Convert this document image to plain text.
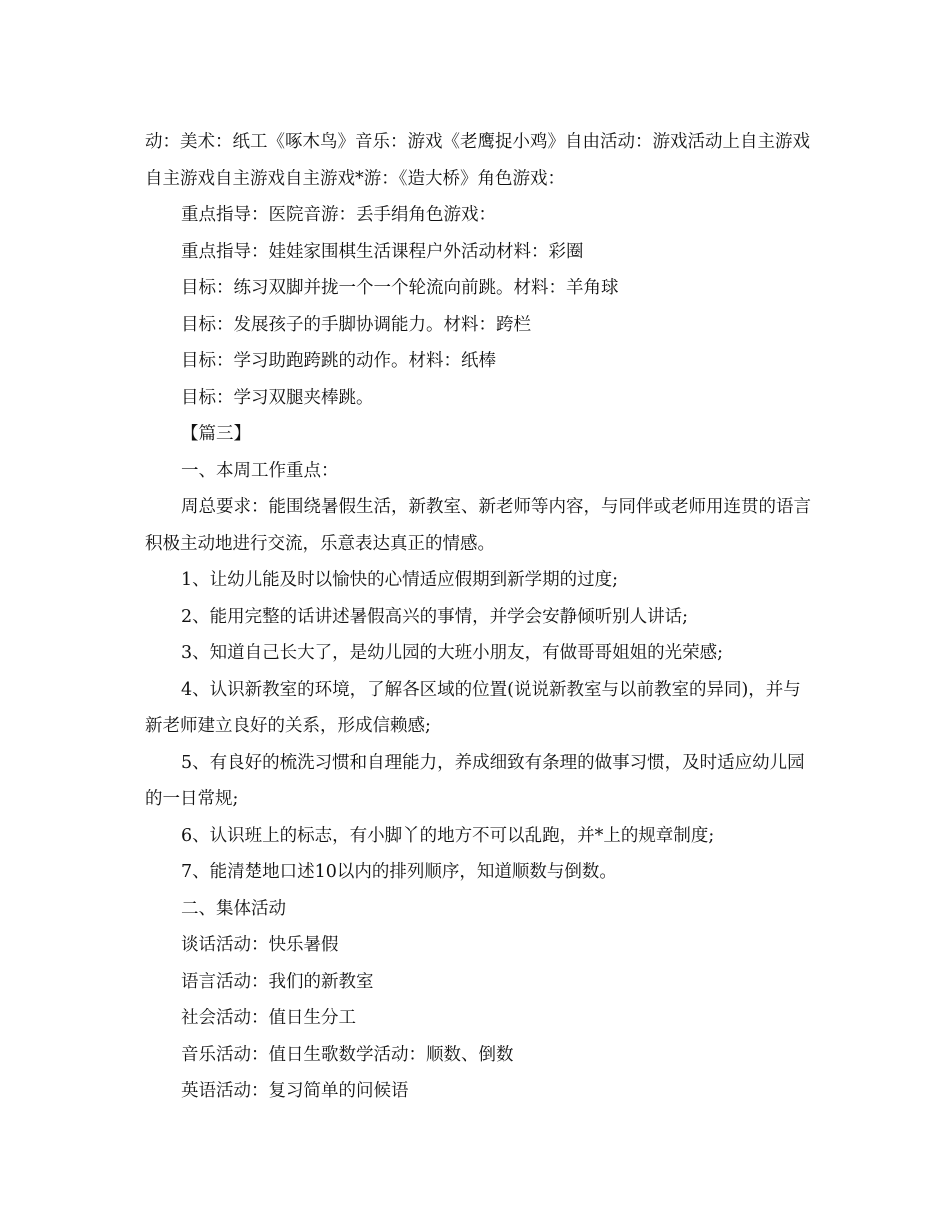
动：美术：纸工《啄木鸟》音乐：游戏《老鹰捉小鸡》自由活动：游戏活动上自主游戏自主游戏自主游戏自主游戏*游：《造大桥》角色游戏：

重点指导：医院音游：丢手绢角色游戏：

重点指导：娃娃家围棋生活课程户外活动材料：彩圈

目标：练习双脚并拢一个一个轮流向前跳。材料：羊角球

目标：发展孩子的手脚协调能力。材料：跨栏

目标：学习助跑跨跳的动作。材料：纸棒

目标：学习双腿夹棒跳。

【篇三】

一、本周工作重点：

周总要求：能围绕暑假生活，新教室、新老师等内容，与同伴或老师用连贯的语言积极主动地进行交流，乐意表达真正的情感。

1、让幼儿能及时以愉快的心情适应假期到新学期的过度;

2、能用完整的话讲述暑假高兴的事情，并学会安静倾听别人讲话;

3、知道自己长大了，是幼儿园的大班小朋友，有做哥哥姐姐的光荣感;

4、认识新教室的环境，了解各区域的位置(说说新教室与以前教室的异同)，并与新老师建立良好的关系，形成信赖感;

5、有良好的梳洗习惯和自理能力，养成细致有条理的做事习惯，及时适应幼儿园的一日常规;

6、认识班上的标志，有小脚丫的地方不可以乱跑，并*上的规章制度;

7、能清楚地口述10以内的排列顺序，知道顺数与倒数。

二、集体活动

谈话活动：快乐暑假

语言活动：我们的新教室

社会活动：值日生分工

音乐活动：值日生歌数学活动：顺数、倒数

英语活动：复习简单的问候语
